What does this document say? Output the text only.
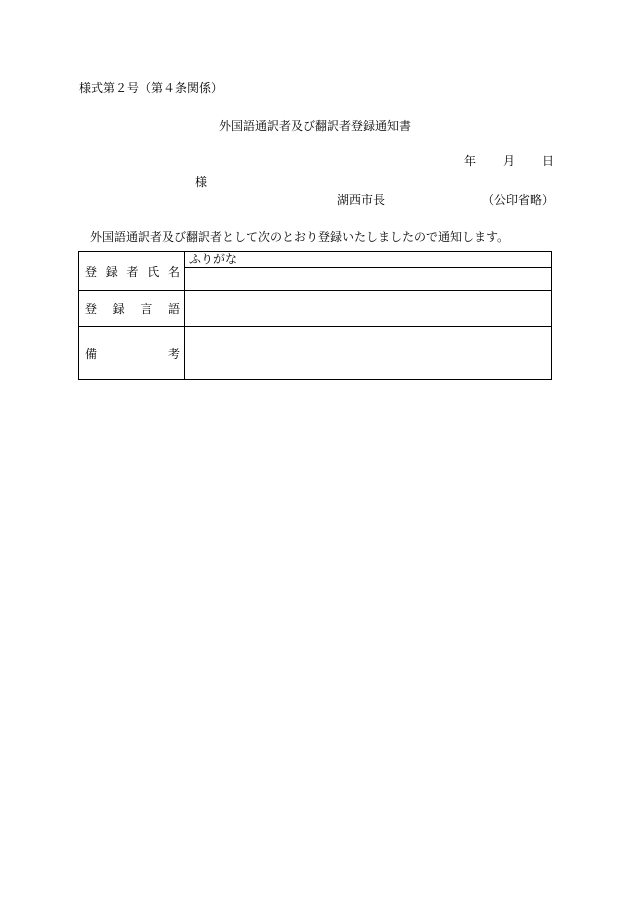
様式第２号（第４条関係）
外国語通訳者及び翻訳者登録通知書
年 月 日
様
湖西市長	（公印省略）
外国語通訳者及び翻訳者として次のとおり登録いたしましたので通知します。
登 録 者 氏 名	ふりがな

登 録 言 語	

備 考	
